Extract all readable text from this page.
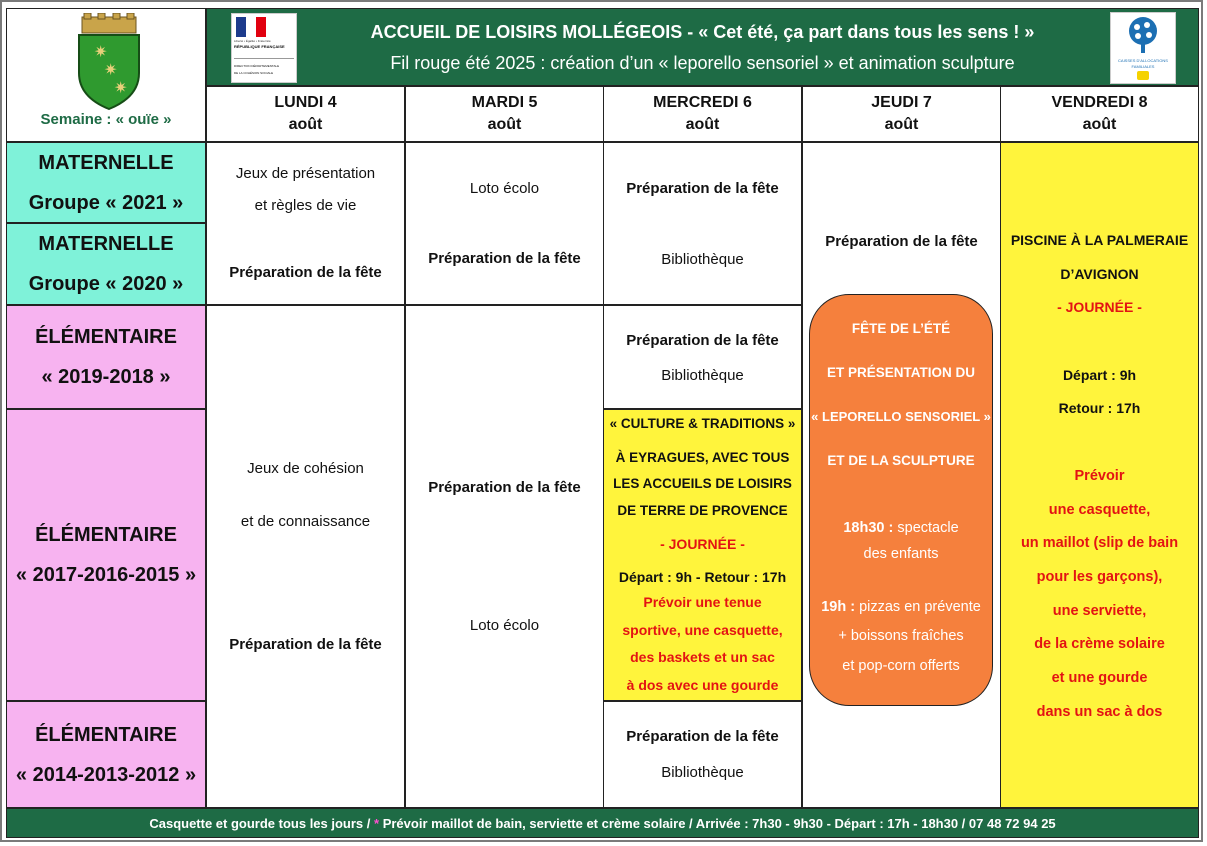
✷
✷
✷
Semaine : « ouïe »
Liberté • Égalité • Fraternité
RÉPUBLIQUE FRANÇAISE
DIRECTION DÉPARTEMENTALE
DE LA COHÉSION SOCIALE
ACCUEIL DE LOISIRS MOLLÉGEOIS - « Cet été, ça part dans tous les sens ! »
Fil rouge été 2025 : création d’un « leporello sensoriel » et animation sculpture	CAISSES D’ALLOCATIONS
FAMILIALES
LUNDI 4
août
MARDI 5
août
MERCREDI 6
août
JEUDI 7
août
VENDREDI 8
août
MATERNELLE
Groupe « 2021 »
MATERNELLE
Groupe « 2020 »
ÉLÉMENTAIRE
« 2019-2018 »
ÉLÉMENTAIRE
« 2017-2016-2015 »
ÉLÉMENTAIRE
« 2014-2013-2012 »
Jeux de présentation
et règles de vie
Préparation de la fête
Jeux de cohésion
et de connaissance
Préparation de la fête
Loto écolo
Préparation de la fête
Préparation de la fête
Loto écolo
Préparation de la fête
Bibliothèque
Préparation de la fête
Bibliothèque
« CULTURE & TRADITIONS »
À EYRAGUES, AVEC TOUS
LES ACCUEILS DE LOISIRS
DE TERRE DE PROVENCE
- JOURNÉE -
Départ : 9h - Retour : 17h
Prévoir une tenue
sportive, une casquette,
des baskets et un sac
à dos avec une gourde
Préparation de la fête
Bibliothèque
Préparation de la fête
FÊTE DE L’ÉTÉ
ET PRÉSENTATION DU
« LEPORELLO SENSORIEL »
ET DE LA SCULPTURE
18h30 : spectacle
des enfants
19h : pizzas en prévente
+ boissons fraîches
et pop-corn offerts
PISCINE À LA PALMERAIE
D’AVIGNON
- JOURNÉE -
Départ : 9h
Retour : 17h
Prévoir
une casquette,
un maillot (slip de bain
pour les garçons),
une serviette,
de la crème solaire
et une gourde
dans un sac à dos
Casquette et gourde tous les jours /
*
Prévoir maillot de bain, serviette et crème solaire / Arrivée : 7h30 - 9h30 - Départ : 17h - 18h30 / 07 48 72 94 25
